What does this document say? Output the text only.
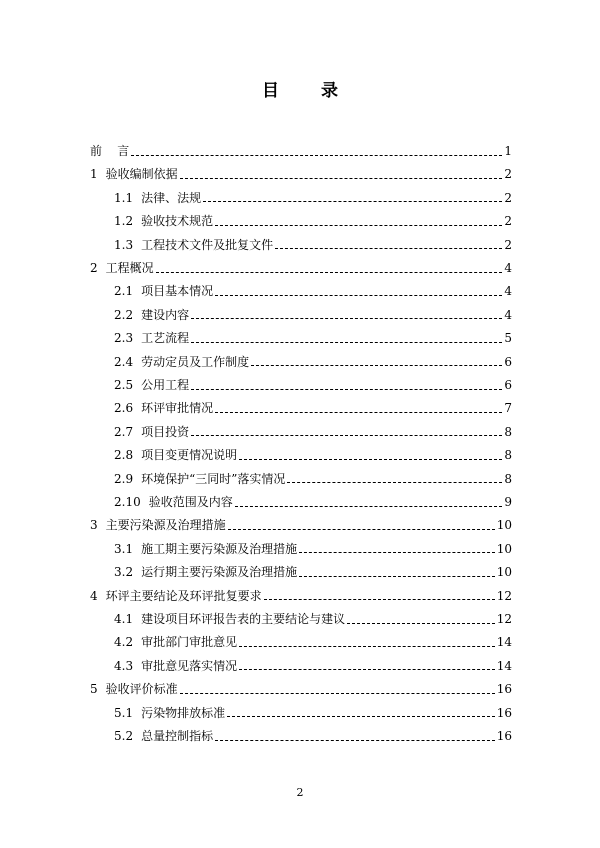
目 录
前    言	1
1 验收编制依据	2
1.1 法律、法规	2
1.2 验收技术规范	2
1.3 工程技术文件及批复文件	2
2 工程概况	4
2.1 项目基本情况	4
2.2 建设内容	4
2.3 工艺流程	5
2.4 劳动定员及工作制度	6
2.5 公用工程	6
2.6 环评审批情况	7
2.7 项目投资	8
2.8 项目变更情况说明	8
2.9 环境保护“三同时”落实情况	8
2.10 验收范围及内容	9
3 主要污染源及治理措施	10
3.1 施工期主要污染源及治理措施	10
3.2 运行期主要污染源及治理措施	10
4 环评主要结论及环评批复要求	12
4.1 建设项目环评报告表的主要结论与建议	12
4.2 审批部门审批意见	14
4.3 审批意见落实情况	14
5 验收评价标准	16
5.1 污染物排放标准	16
5.2 总量控制指标	16
2
